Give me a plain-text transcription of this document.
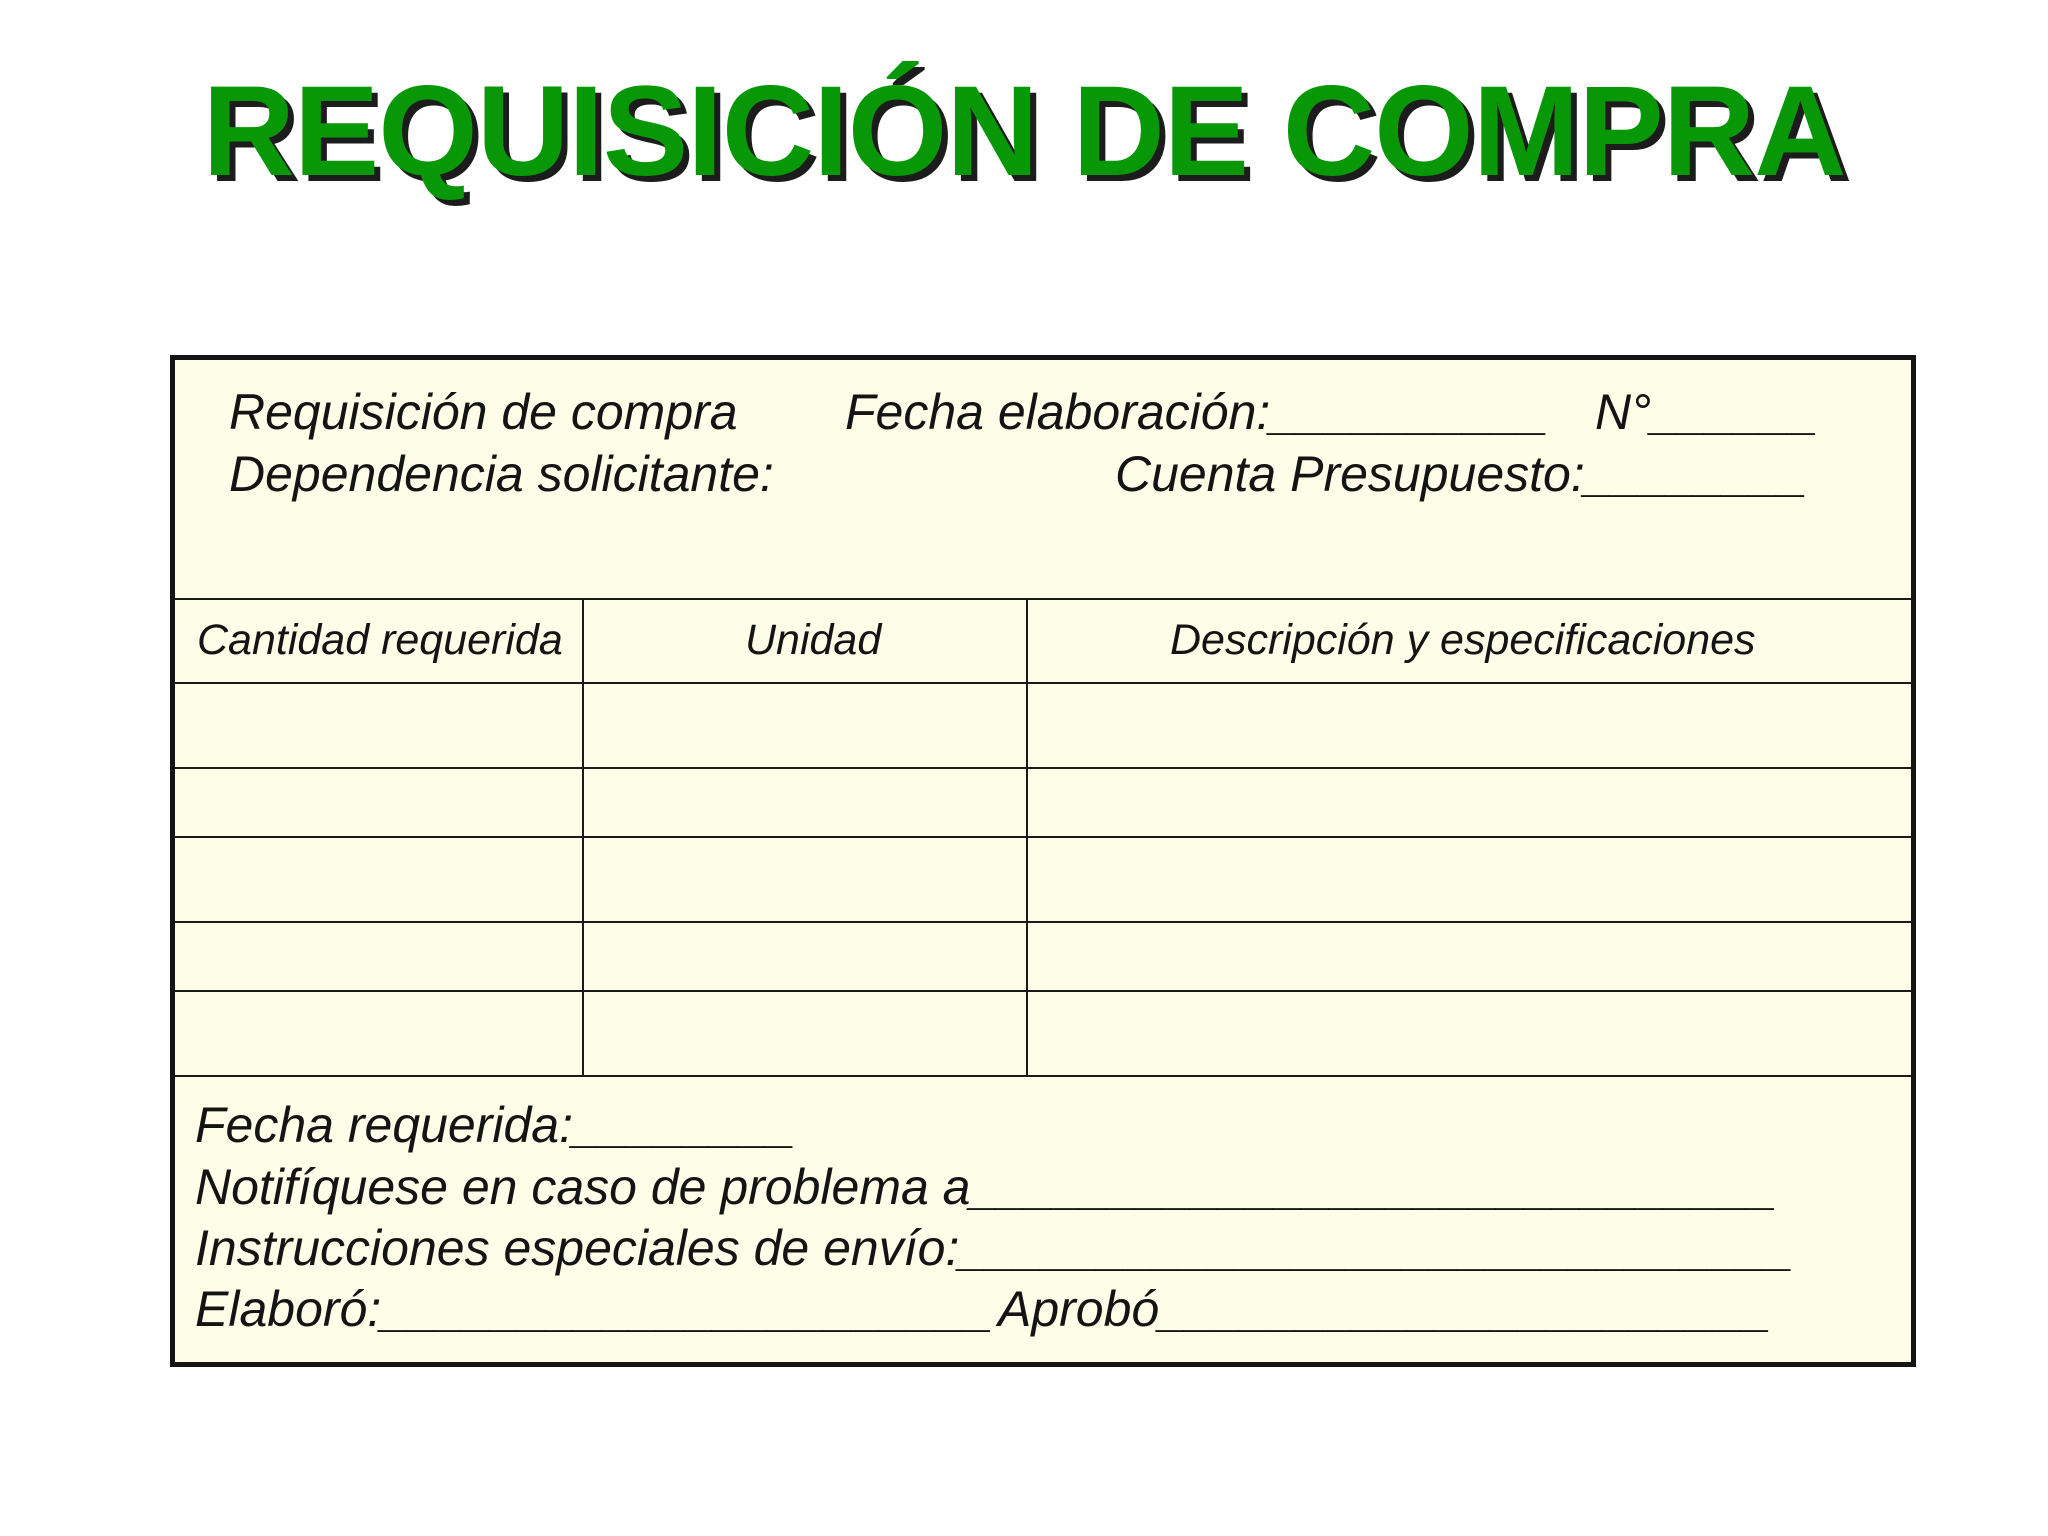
REQUISICIÓN DE COMPRA
Requisición de compra Fecha elaboración:__________ N°______
Dependencia solicitante:	Cuenta Presupuesto:________
Cantidad requerida	Unidad	Descripción y especificaciones
Fecha requerida:________
Notifíquese en caso de problema a_____________________________
Instrucciones especiales de envío:______________________________
Elaboró:______________________ Aprobó______________________
